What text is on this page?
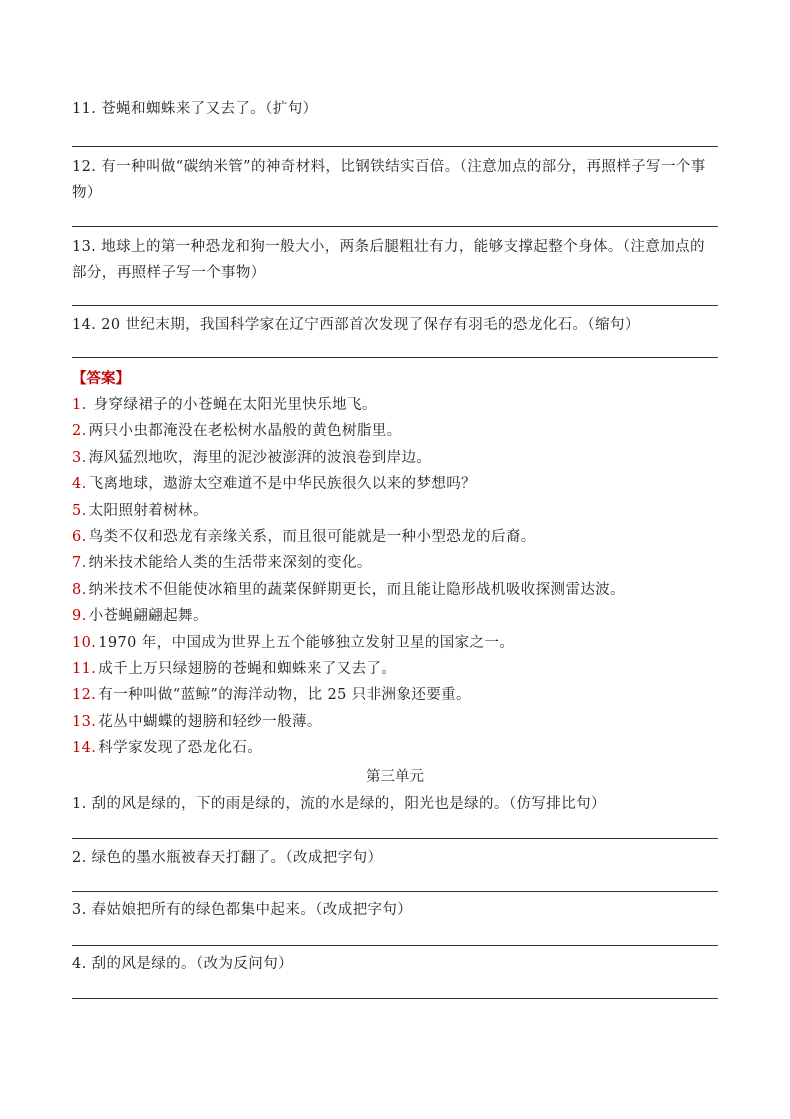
11. 苍蝇和蜘蛛来了又去了。（扩句）
12. 有一种叫做“碳纳米管”的神奇材料，比钢铁结实百倍。（注意加点的部分，再照样子写一个事物）
13. 地球上的第一种恐龙和狗一般大小，两条后腿粗壮有力，能够支撑起整个身体。（注意加点的部分，再照样子写一个事物）
14. 20 世纪末期，我国科学家在辽宁西部首次发现了保存有羽毛的恐龙化石。（缩句）
【答案】
1. 身穿绿裙子的小苍蝇在太阳光里快乐地飞。
2. 两只小虫都淹没在老松树水晶般的黄色树脂里。
3. 海风猛烈地吹，海里的泥沙被澎湃的波浪卷到岸边。
4. 飞离地球，遨游太空难道不是中华民族很久以来的梦想吗？
5. 太阳照射着树林。
6. 鸟类不仅和恐龙有亲缘关系，而且很可能就是一种小型恐龙的后裔。
7. 纳米技术能给人类的生活带来深刻的变化。
8. 纳米技术不但能使冰箱里的蔬菜保鲜期更长，而且能让隐形战机吸收探测雷达波。
9. 小苍蝇翩翩起舞。
10. 1970 年，中国成为世界上五个能够独立发射卫星的国家之一。
11. 成千上万只绿翅膀的苍蝇和蜘蛛来了又去了。
12. 有一种叫做“蓝鲸”的海洋动物，比 25 只非洲象还要重。
13. 花丛中蝴蝶的翅膀和轻纱一般薄。
14. 科学家发现了恐龙化石。
第三单元
1. 刮的风是绿的，下的雨是绿的，流的水是绿的，阳光也是绿的。（仿写排比句）
2. 绿色的墨水瓶被春天打翻了。（改成把字句）
3. 春姑娘把所有的绿色都集中起来。（改成把字句）
4. 刮的风是绿的。（改为反问句）
